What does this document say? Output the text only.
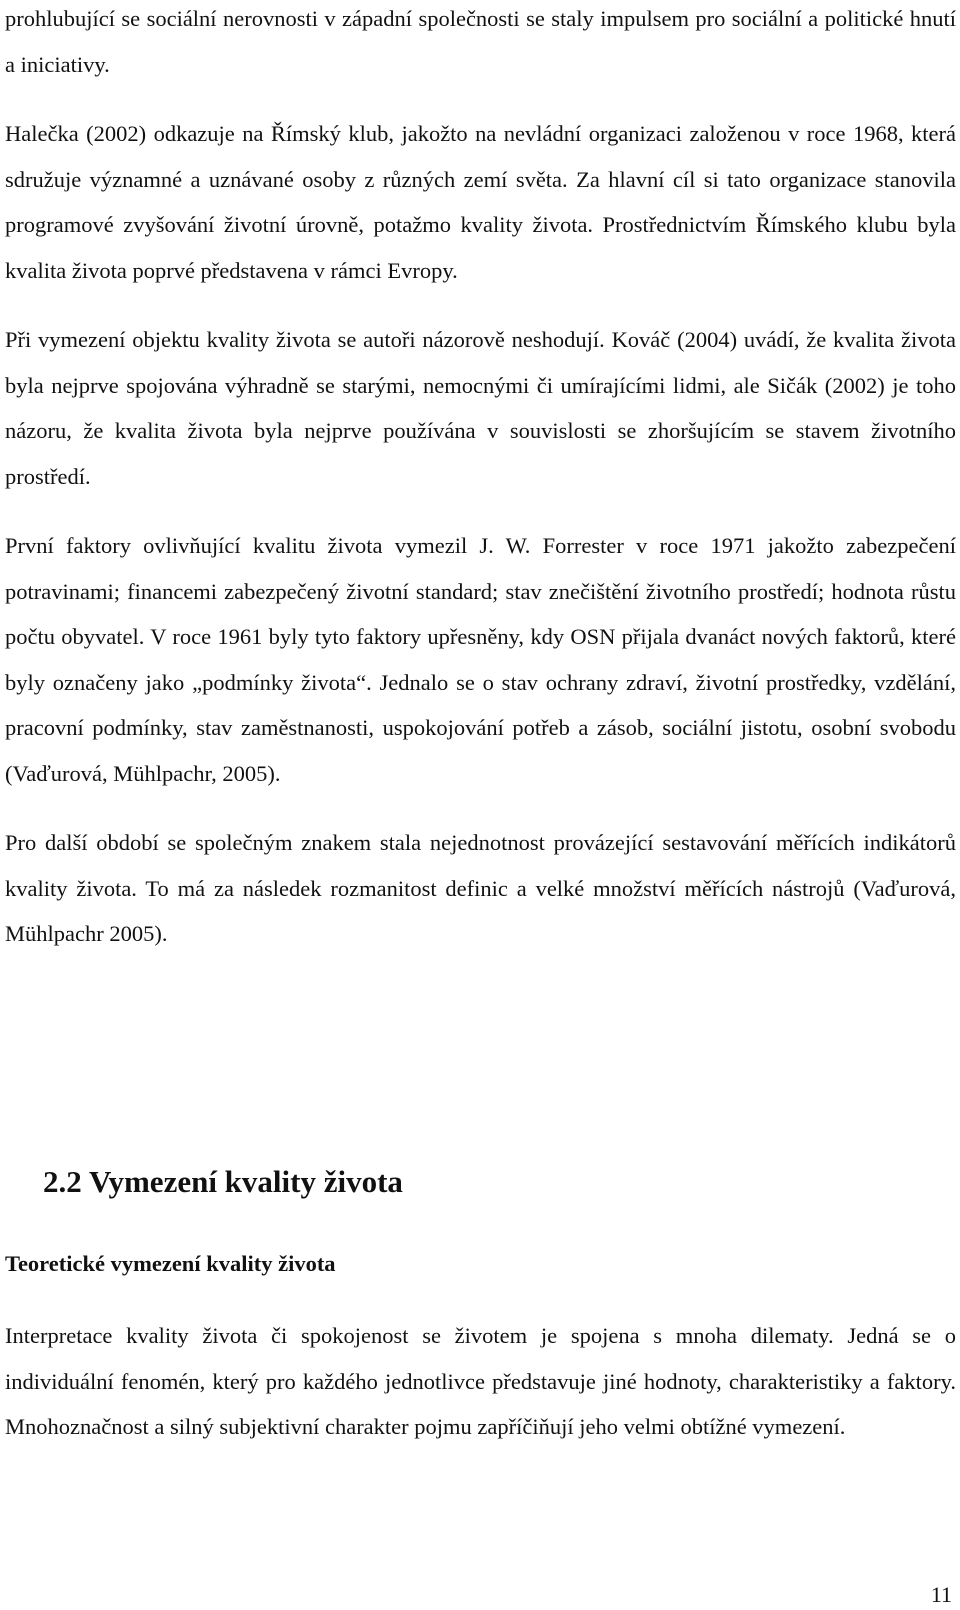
prohlubující se sociální nerovnosti v západní společnosti se staly impulsem pro sociální a politické hnutí a iniciativy.

Halečka (2002) odkazuje na Římský klub, jakožto na nevládní organizaci založenou v roce 1968, která sdružuje významné a uznávané osoby z různých zemí světa. Za hlavní cíl si tato organizace stanovila programové zvyšování životní úrovně, potažmo kvality života. Prostřednictvím Římského klubu byla kvalita života poprvé představena v rámci Evropy.

Při vymezení objektu kvality života se autoři názorově neshodují. Kováč (2004) uvádí, že kvalita života byla nejprve spojována výhradně se starými, nemocnými či umírajícími lidmi, ale Sičák (2002) je toho názoru, že kvalita života byla nejprve používána v souvislosti se zhoršujícím se stavem životního prostředí.

První faktory ovlivňující kvalitu života vymezil J. W. Forrester v roce 1971 jakožto zabezpečení potravinami; financemi zabezpečený životní standard; stav znečištění životního prostředí; hodnota růstu počtu obyvatel. V roce 1961 byly tyto faktory upřesněny, kdy OSN přijala dvanáct nových faktorů, které byly označeny jako „podmínky života“. Jednalo se o stav ochrany zdraví, životní prostředky, vzdělání, pracovní podmínky, stav zaměstnanosti, uspokojování potřeb a zásob, sociální jistotu, osobní svobodu (Vaďurová, Mühlpachr, 2005).

Pro další období se společným znakem stala nejednotnost provázející sestavování měřících indikátorů kvality života. To má za následek rozmanitost definic a velké množství měřících nástrojů (Vaďurová, Mühlpachr 2005).

2.2 Vymezení kvality života
Teoretické vymezení kvality života

Interpretace kvality života či spokojenost se životem je spojena s mnoha dilematy. Jedná se o individuální fenomén, který pro každého jednotlivce představuje jiné hodnoty, charakteristiky a faktory. Mnohoznačnost a silný subjektivní charakter pojmu zapříčiňují jeho velmi obtížné vymezení.

11
